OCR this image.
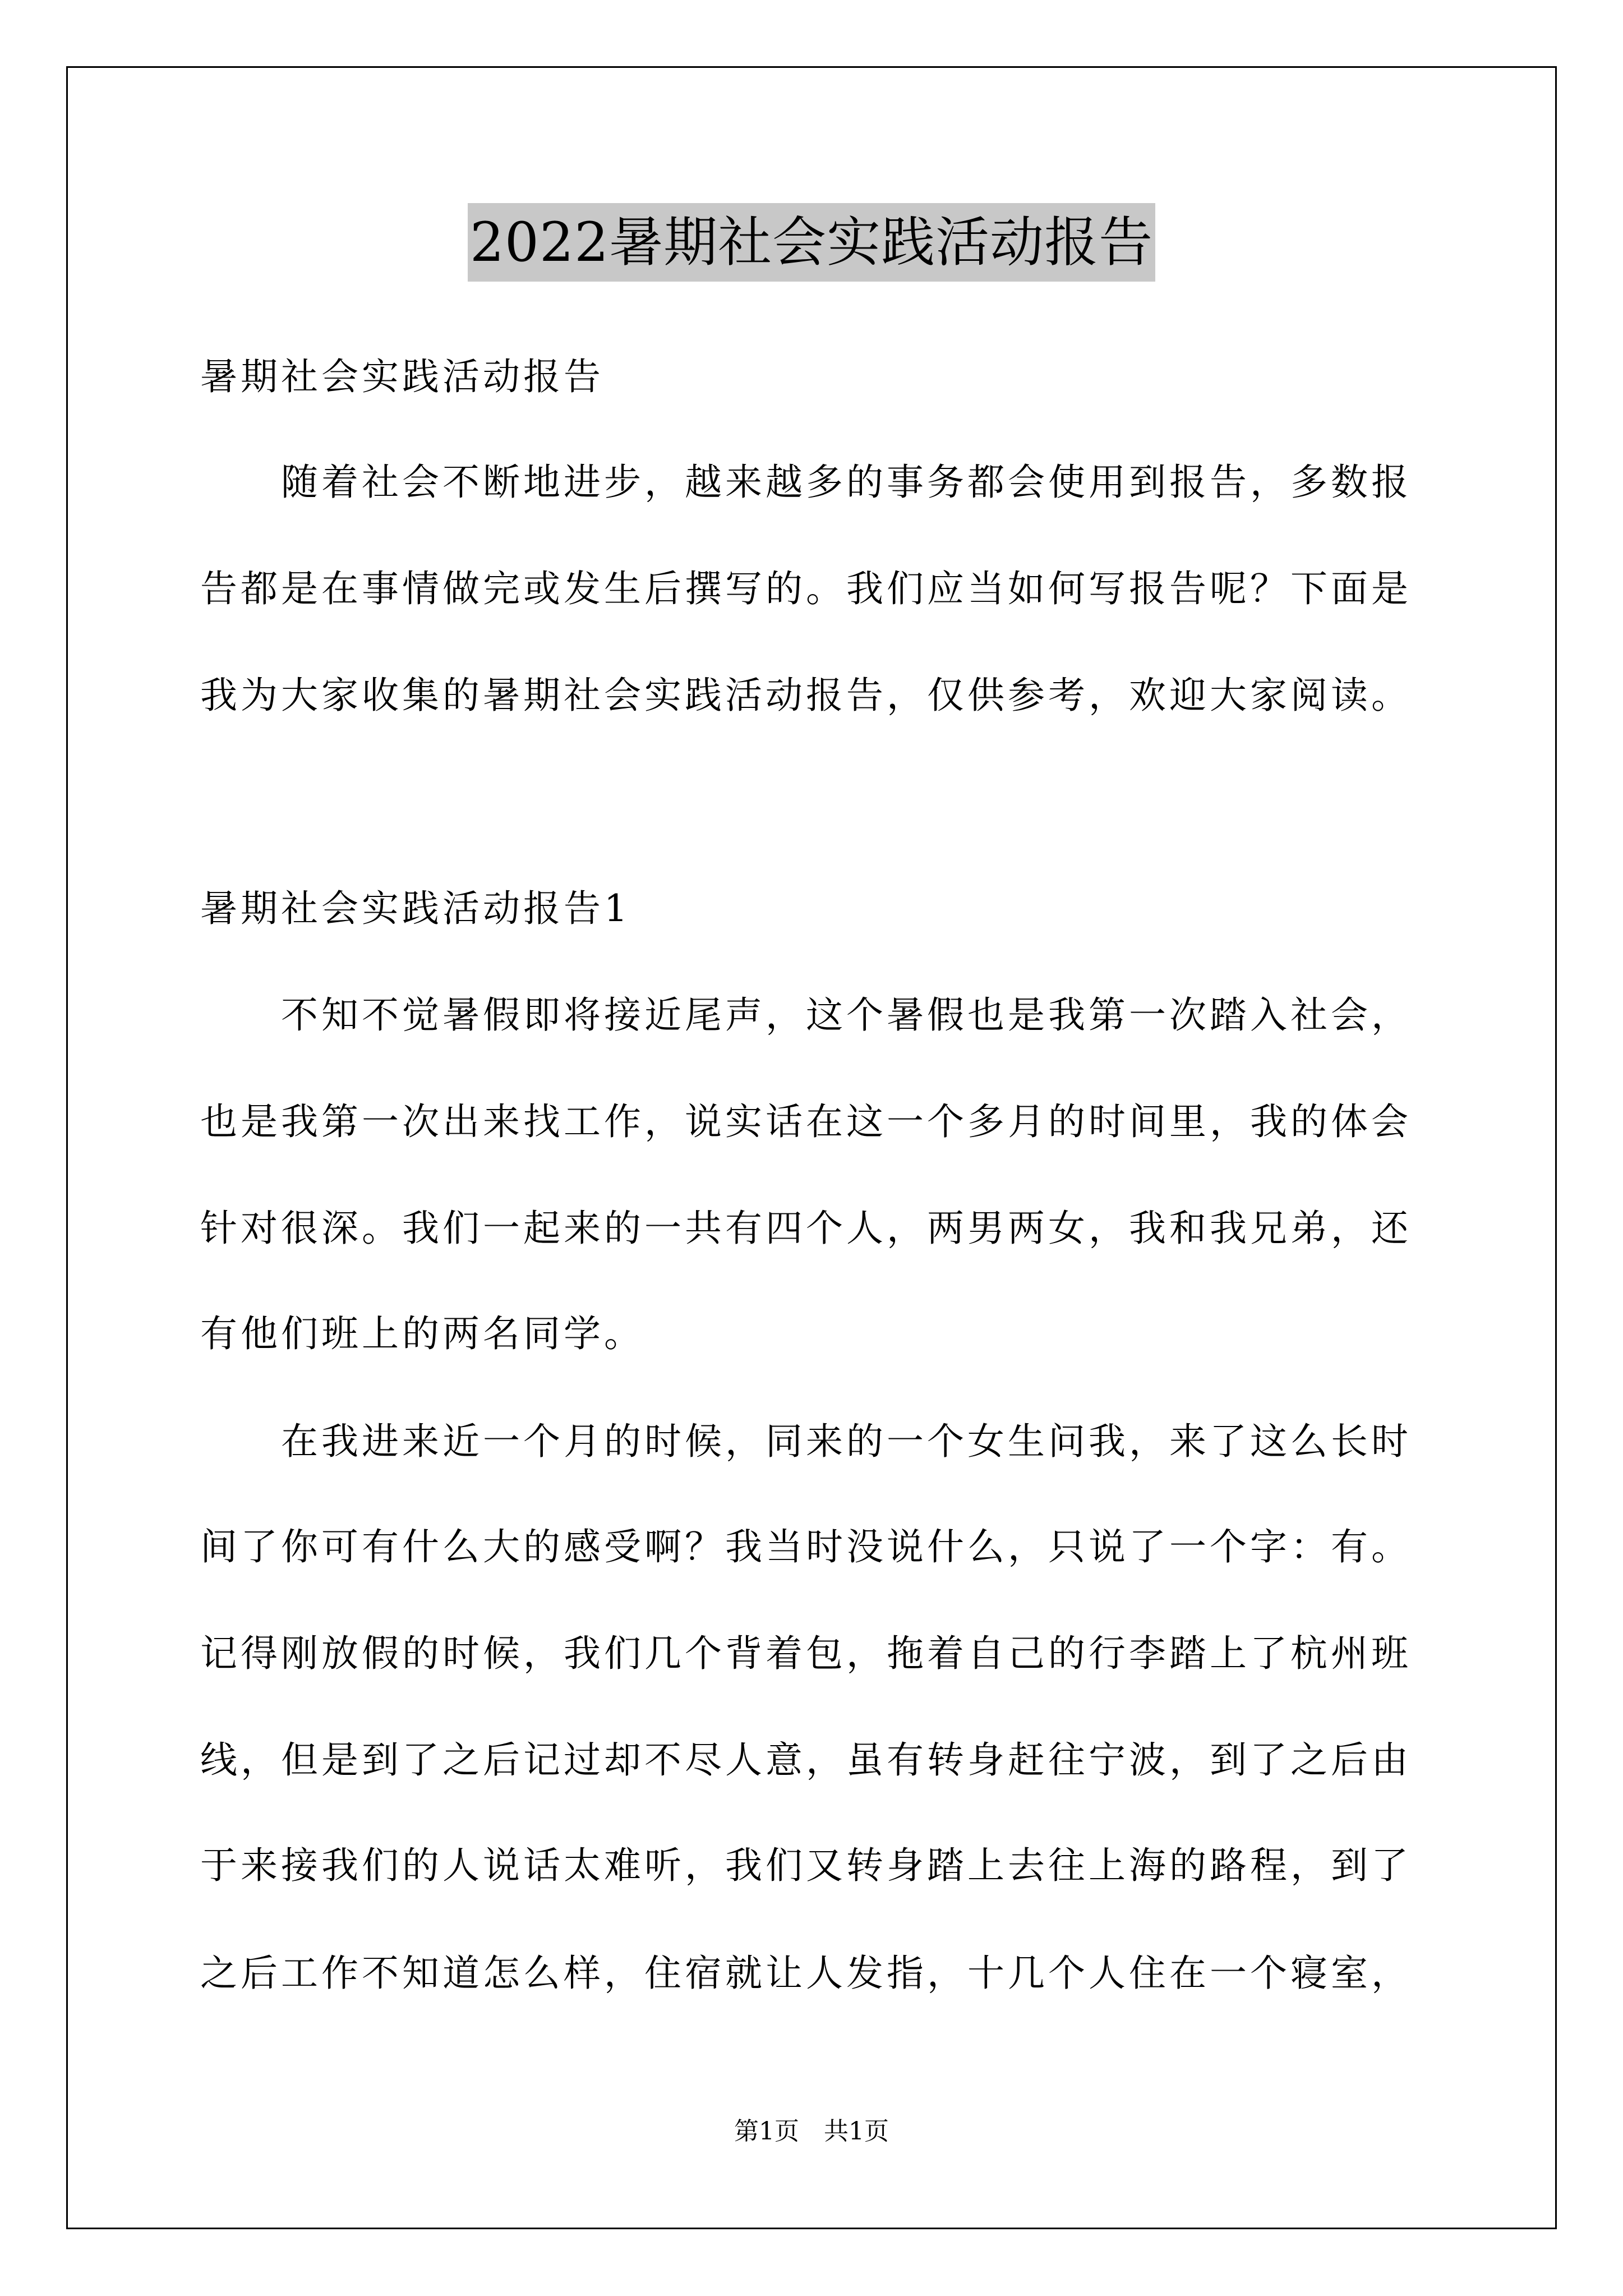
2022暑期社会实践活动报告
暑期社会实践活动报告
　　随着社会不断地进步，越来越多的事务都会使用到报告，多数报
告都是在事情做完或发生后撰写的。我们应当如何写报告呢？下面是
我为大家收集的暑期社会实践活动报告，仅供参考，欢迎大家阅读。
暑期社会实践活动报告1
　　不知不觉暑假即将接近尾声，这个暑假也是我第一次踏入社会，
也是我第一次出来找工作，说实话在这一个多月的时间里，我的体会
针对很深。我们一起来的一共有四个人，两男两女，我和我兄弟，还
有他们班上的两名同学。
　　在我进来近一个月的时候，同来的一个女生问我，来了这么长时
间了你可有什么大的感受啊？我当时没说什么，只说了一个字：有。
记得刚放假的时候，我们几个背着包，拖着自己的行李踏上了杭州班
线，但是到了之后记过却不尽人意，虽有转身赶往宁波，到了之后由
于来接我们的人说话太难听，我们又转身踏上去往上海的路程，到了
之后工作不知道怎么样，住宿就让人发指，十几个人住在一个寝室，
第1页　共1页
